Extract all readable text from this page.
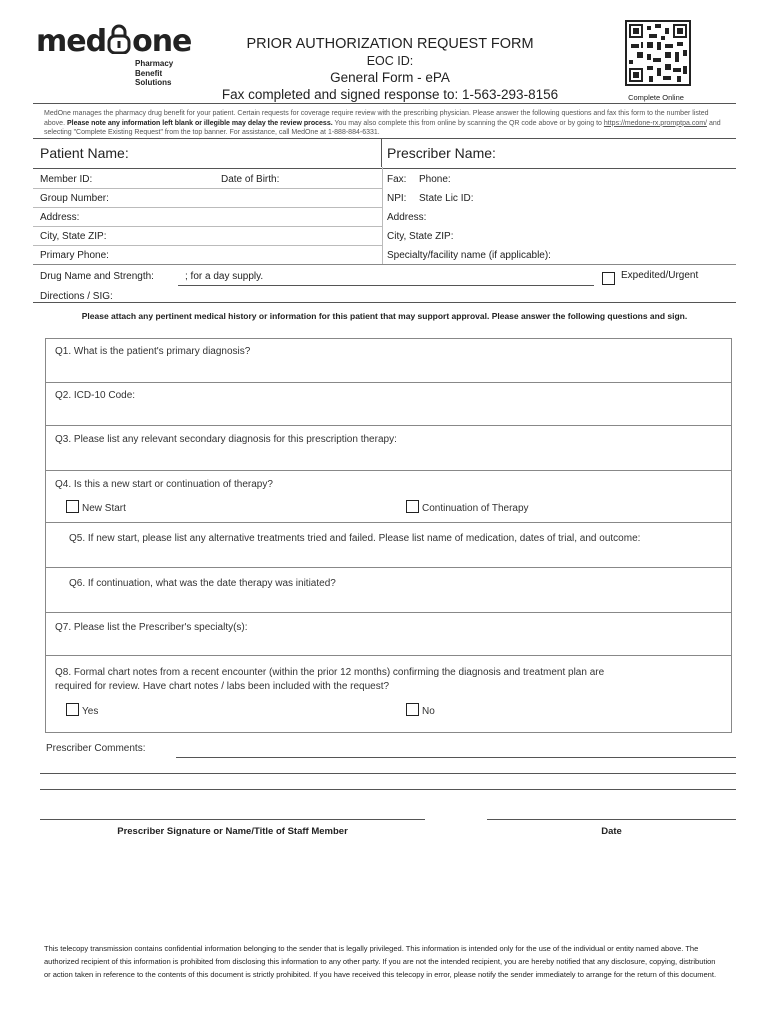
med one
Pharmacy
Benefit
Solutions
PRIOR AUTHORIZATION REQUEST FORM
EOC ID:
General Form - ePA
Fax completed and signed response to: 1-563-293-8156	Complete Online
MedOne manages the pharmacy drug benefit for your patient. Certain requests for coverage require review with the prescribing physician. Please answer the following questions and fax this form to the number listed above. Please note any information left blank or illegible may delay the review process. You may also complete this from online by scanning the QR code above or by going to https://medone-rx.promptpa.com/ and selecting "Complete Existing Request" from the top banner. For assistance, call MedOne at 1-888-884-6331.
Patient Name:	Prescriber Name:
Member ID:	Date of Birth:
Group Number:
Address:
City, State ZIP:
Primary Phone:
Fax: Phone:
NPI: State Lic ID:
Address:
City, State ZIP:
Specialty/facility name (if applicable):
Drug Name and Strength:	; for a day supply.	Expedited/Urgent
Directions / SIG:
Please attach any pertinent medical history or information for this patient that may support approval. Please answer the following questions and sign.
Q1. What is the patient's primary diagnosis?
Q2. ICD-10 Code:
Q3. Please list any relevant secondary diagnosis for this prescription therapy:
Q4. Is this a new start or continuation of therapy?
New Start	Continuation of Therapy
Q5. If new start, please list any alternative treatments tried and failed. Please list name of medication, dates of trial, and outcome:
Q6. If continuation, what was the date therapy was initiated?
Q7. Please list the Prescriber's specialty(s):
Q8. Formal chart notes from a recent encounter (within the prior 12 months) confirming the diagnosis and treatment plan are
required for review. Have chart notes / labs been included with the request?
Yes	No
Prescriber Comments:
Prescriber Signature or Name/Title of Staff Member	Date
This telecopy transmission contains confidential information belonging to the sender that is legally privileged. This information is intended only for the use of the individual or entity named above. The authorized recipient of this information is prohibited from disclosing this information to any other party. If you are not the intended recipient, you are hereby notified that any disclosure, copying, distribution or action taken in reference to the contents of this document is strictly prohibited. If you have received this telecopy in error, please notify the sender immediately to arrange for the return of this document.
